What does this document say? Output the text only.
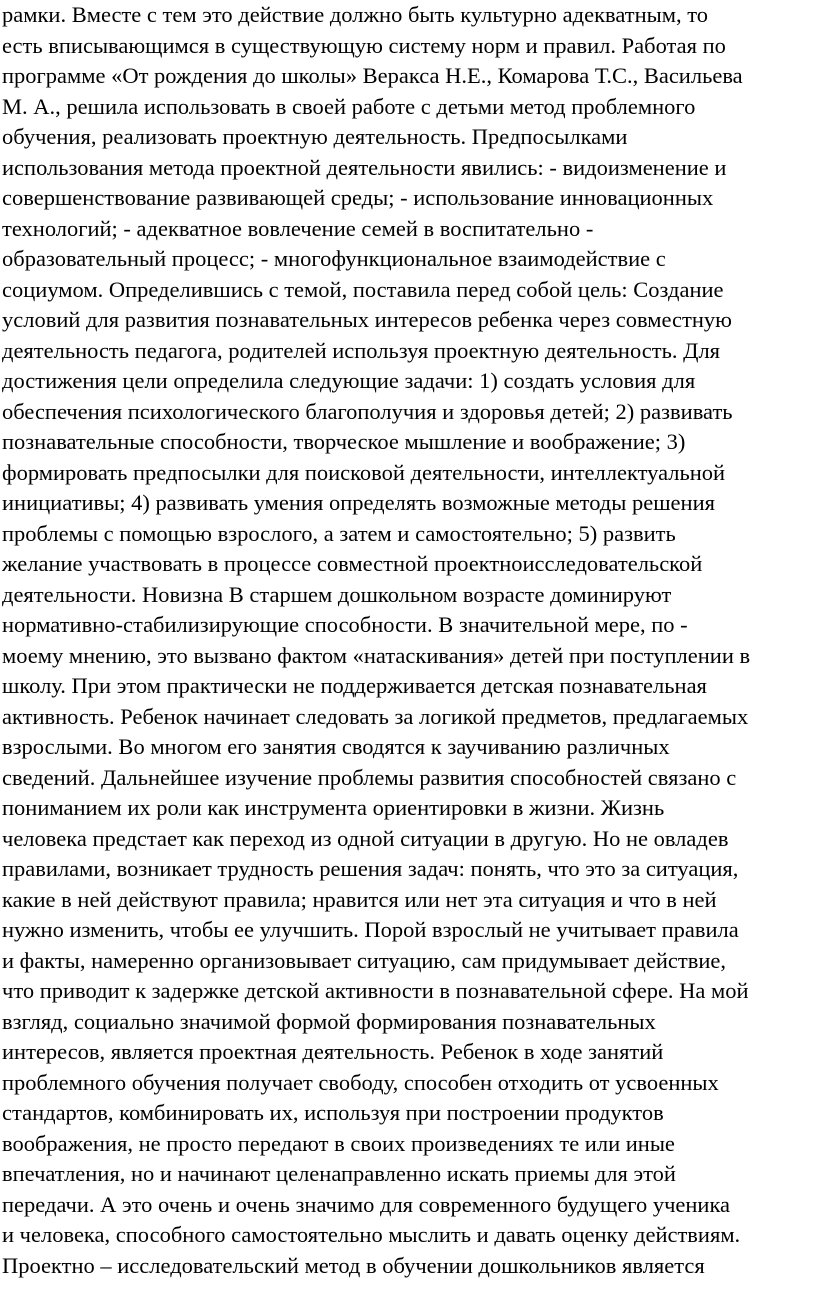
рамки. Вместе с тем это действие должно быть культурно адекватным, то
есть вписывающимся в существующую систему норм и правил. Работая по
программе «От рождения до школы» Веракса Н.Е., Комарова Т.С., Васильева
М. А., решила использовать в своей работе с детьми метод проблемного
обучения, реализовать проектную деятельность. Предпосылками
использования метода проектной деятельности явились: - видоизменение и
совершенствование развивающей среды; - использование инновационных
технологий; - адекватное вовлечение семей в воспитательно -
образовательный процесс; - многофункциональное взаимодействие с
социумом. Определившись с темой, поставила перед собой цель: Создание
условий для развития познавательных интересов ребенка через совместную
деятельность педагога, родителей используя проектную деятельность. Для
достижения цели определила следующие задачи: 1) создать условия для
обеспечения психологического благополучия и здоровья детей; 2) развивать
познавательные способности, творческое мышление и воображение; 3)
формировать предпосылки для поисковой деятельности, интеллектуальной
инициативы; 4) развивать умения определять возможные методы решения
проблемы с помощью взрослого, а затем и самостоятельно; 5) развить
желание участвовать в процессе совместной проектноисследовательской
деятельности. Новизна В старшем дошкольном возрасте доминируют
нормативно-стабилизирующие способности. В значительной мере, по -
моему мнению, это вызвано фактом «натаскивания» детей при поступлении в
школу. При этом практически не поддерживается детская познавательная
активность. Ребенок начинает следовать за логикой предметов, предлагаемых
взрослыми. Во многом его занятия сводятся к заучиванию различных
сведений. Дальнейшее изучение проблемы развития способностей связано с
пониманием их роли как инструмента ориентировки в жизни. Жизнь
человека предстает как переход из одной ситуации в другую. Но не овладев
правилами, возникает трудность решения задач: понять, что это за ситуация,
какие в ней действуют правила; нравится или нет эта ситуация и что в ней
нужно изменить, чтобы ее улучшить. Порой взрослый не учитывает правила
и факты, намеренно организовывает ситуацию, сам придумывает действие,
что приводит к задержке детской активности в познавательной сфере. На мой
взгляд, социально значимой формой формирования познавательных
интересов, является проектная деятельность. Ребенок в ходе занятий
проблемного обучения получает свободу, способен отходить от усвоенных
стандартов, комбинировать их, используя при построении продуктов
воображения, не просто передают в своих произведениях те или иные
впечатления, но и начинают целенаправленно искать приемы для этой
передачи. А это очень и очень значимо для современного будущего ученика
и человека, способного самостоятельно мыслить и давать оценку действиям.
Проектно – исследовательский метод в обучении дошкольников является
